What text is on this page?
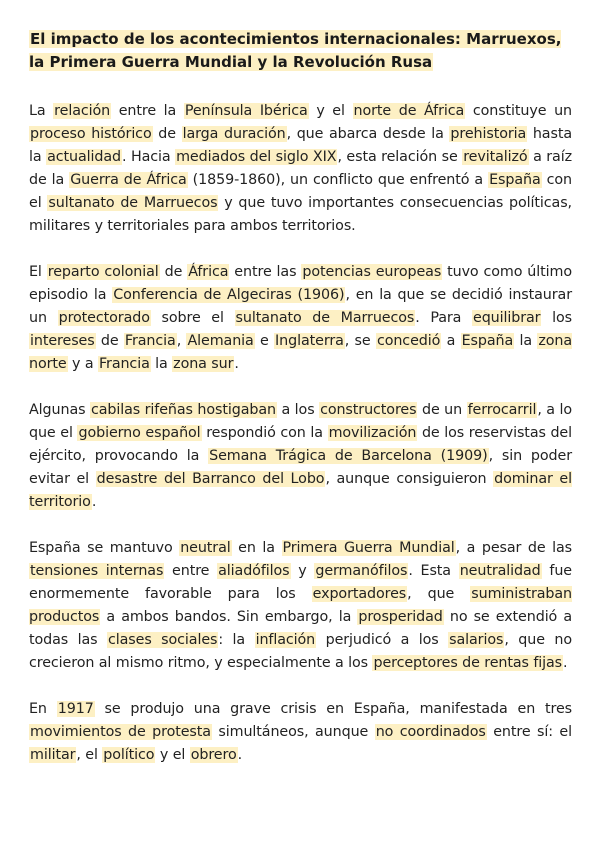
El impacto de los acontecimientos internacionales: Marruexos, la Primera Guerra Mundial y la Revolución Rusa

La relación entre la Península Ibérica y el norte de África constituye un proceso histórico de larga duración, que abarca desde la prehistoria hasta la actualidad. Hacia mediados del siglo XIX, esta relación se revitalizó a raíz de la Guerra de África (1859-1860), un conflicto que enfrentó a España con el sultanato de Marruecos y que tuvo importantes consecuencias políticas, militares y territoriales para ambos territorios.

El reparto colonial de África entre las potencias europeas tuvo como último episodio la Conferencia de Algeciras (1906), en la que se decidió instaurar un protectorado sobre el sultanato de Marruecos. Para equilibrar los intereses de Francia, Alemania e Inglaterra, se concedió a España la zona norte y a Francia la zona sur.

Algunas cabilas rifeñas hostigaban a los constructores de un ferrocarril, a lo que el gobierno español respondió con la movilización de los reservistas del ejército, provocando la Semana Trágica de Barcelona (1909), sin poder evitar el desastre del Barranco del Lobo, aunque consiguieron dominar el territorio.

España se mantuvo neutral en la Primera Guerra Mundial, a pesar de las tensiones internas entre aliadófilos y germanófilos. Esta neutralidad fue enormemente favorable para los exportadores, que suministraban productos a ambos bandos. Sin embargo, la prosperidad no se extendió a todas las clases sociales: la inflación perjudicó a los salarios, que no crecieron al mismo ritmo, y especialmente a los perceptores de rentas fijas.

En 1917 se produjo una grave crisis en España, manifestada en tres movimientos de protesta simultáneos, aunque no coordinados entre sí: el militar, el político y el obrero.
